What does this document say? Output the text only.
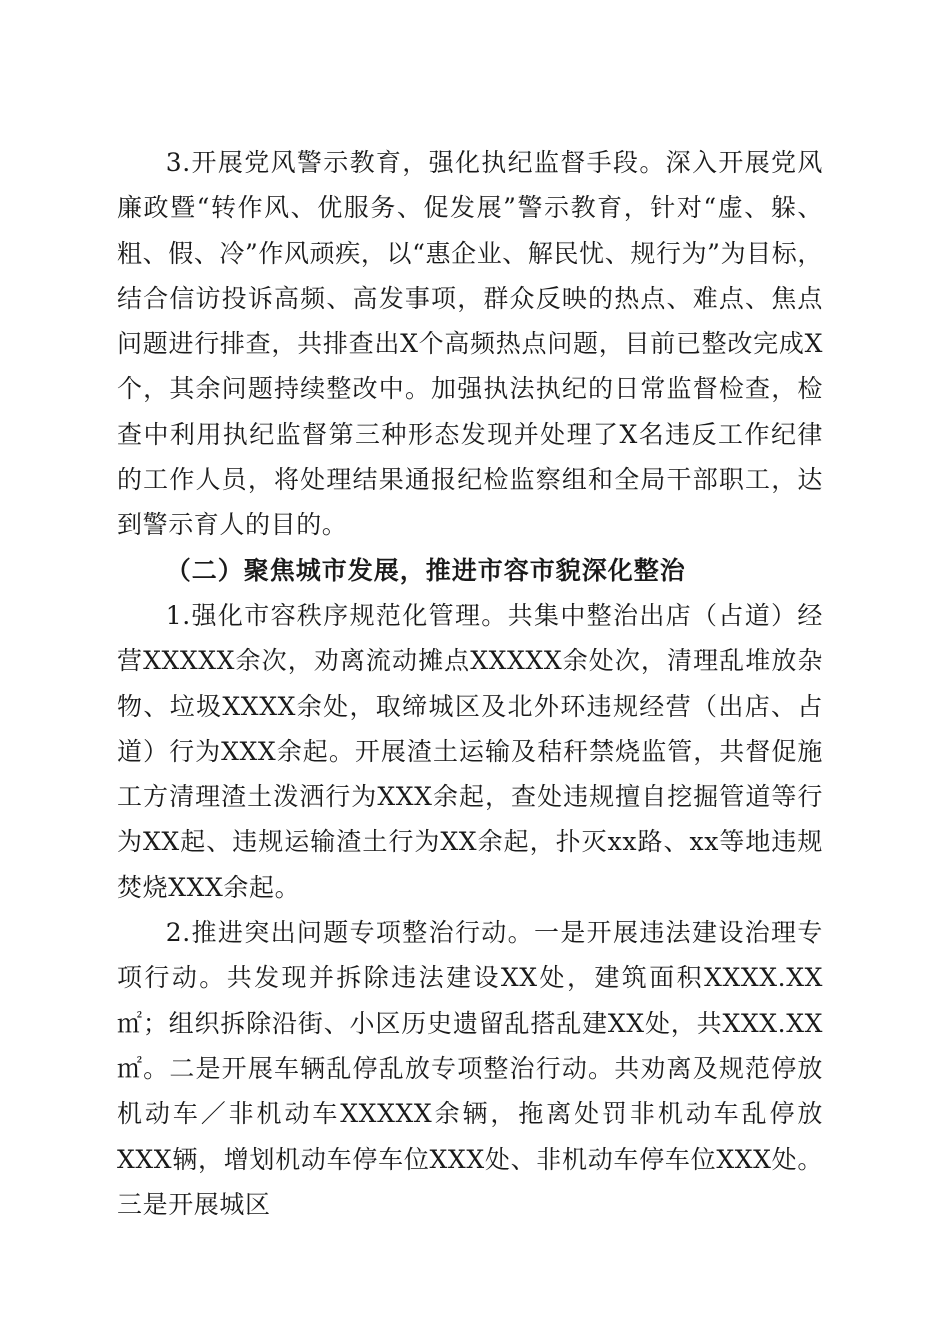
3.开展党风警示教育，强化执纪监督手段。深入开展党风廉政暨“转作风、优服务、促发展”警示教育，针对“虚、躲、粗、假、冷”作风顽疾，以“惠企业、解民忧、规行为”为目标，结合信访投诉高频、高发事项，群众反映的热点、难点、焦点问题进行排查，共排查出X个高频热点问题，目前已整改完成X个，其余问题持续整改中。加强执法执纪的日常监督检查，检查中利用执纪监督第三种形态发现并处理了X名违反工作纪律的工作人员，将处理结果通报纪检监察组和全局干部职工，达到警示育人的目的。

（二）聚焦城市发展，推进市容市貌深化整治

1.强化市容秩序规范化管理。共集中整治出店（占道）经营XXXXX余次，劝离流动摊点XXXXX余处次，清理乱堆放杂物、垃圾XXXX余处，取缔城区及北外环违规经营（出店、占道）行为XXX余起。开展渣土运输及秸秆禁烧监管，共督促施工方清理渣土泼洒行为XXX余起，查处违规擅自挖掘管道等行为XX起、违规运输渣土行为XX余起，扑灭xx路、xx等地违规焚烧XXX余起。

2.推进突出问题专项整治行动。一是开展违法建设治理专项行动。共发现并拆除违法建设XX处，建筑面积XXXX.XX㎡；组织拆除沿街、小区历史遗留乱搭乱建XX处，共XXX.XX㎡。二是开展车辆乱停乱放专项整治行动。共劝离及规范停放机动车／非机动车XXXXX余辆，拖离处罚非机动车乱停放XXX辆，增划机动车停车位XXX处、非机动车停车位XXX处。三是开展城区
